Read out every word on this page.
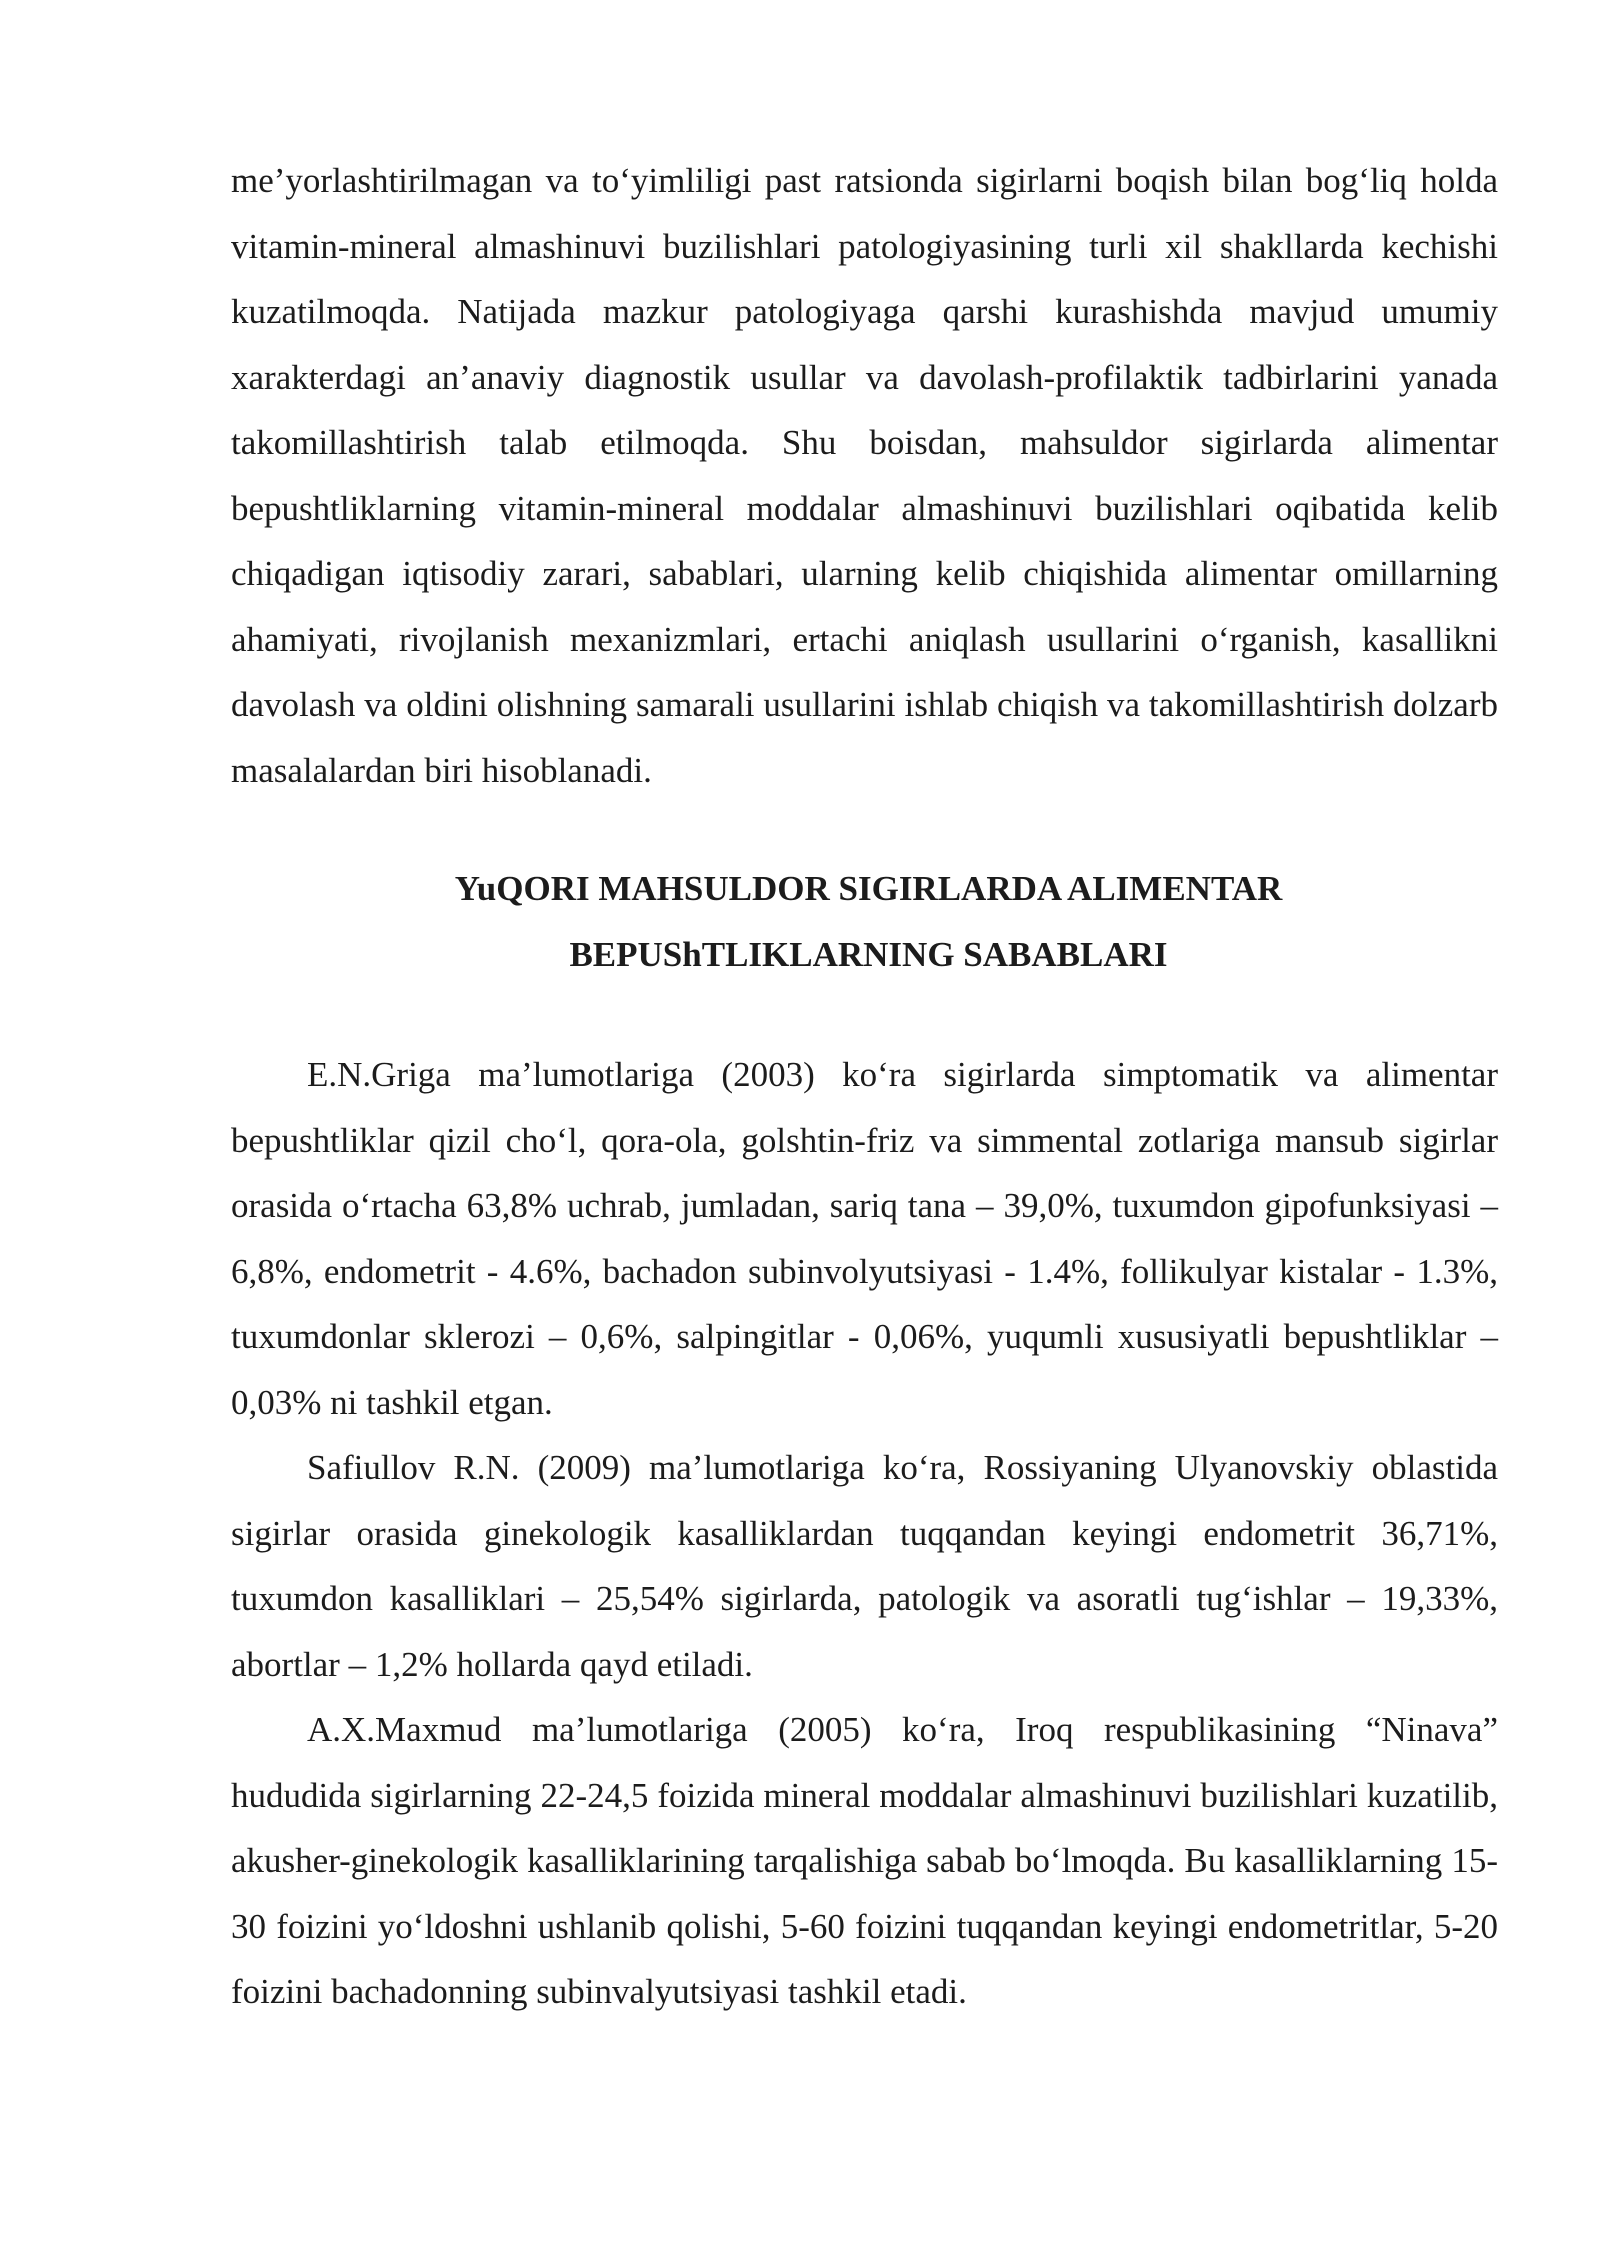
me’yorlashtirilmagan va to‘yimliligi past ratsionda sigirlarni boqish bilan bog‘liq holda vitamin-mineral almashinuvi buzilishlari patologiyasining turli xil shakllarda kechishi kuzatilmoqda. Natijada mazkur patologiyaga qarshi kurashishda mavjud umumiy xarakterdagi an’anaviy diagnostik usullar va davolash-profilaktik tadbirlarini yanada takomillashtirish talab etilmoqda. Shu boisdan, mahsuldor sigirlarda alimentar bepushtliklarning vitamin-mineral moddalar almashinuvi buzilishlari oqibatida kelib chiqadigan iqtisodiy zarari, sabablari, ularning kelib chiqishida alimentar omillarning ahamiyati, rivojlanish mexanizmlari, ertachi aniqlash usullarini o‘rganish, kasallikni davolash va oldini olishning samarali usullarini ishlab chiqish va takomillashtirish dolzarb masalalardan biri hisoblanadi.

YuQORI MAHSULDOR SIGIRLARDA ALIMENTAR
BEPUShTLIKLARNING SABABLARI

E.N.Griga ma’lumotlariga (2003) ko‘ra sigirlarda simptomatik va alimentar bepushtliklar qizil cho‘l, qora-ola, golshtin-friz va simmental zotlariga mansub sigirlar orasida o‘rtacha 63,8% uchrab, jumladan, sariq tana – 39,0%, tuxumdon gipofunksiyasi – 6,8%, endometrit - 4.6%, bachadon subinvolyutsiyasi - 1.4%, follikulyar kistalar - 1.3%, tuxumdonlar sklerozi – 0,6%, salpingitlar - 0,06%, yuqumli xususiyatli bepushtliklar – 0,03% ni tashkil etgan.

Safiullov R.N. (2009) ma’lumotlariga ko‘ra, Rossiyaning Ulyanovskiy oblastida sigirlar orasida ginekologik kasalliklardan tuqqandan keyingi endometrit 36,71%, tuxumdon kasalliklari – 25,54% sigirlarda, patologik va asoratli tug‘ishlar – 19,33%, abortlar – 1,2% hollarda qayd etiladi.

A.X.Maxmud ma’lumotlariga (2005) ko‘ra, Iroq respublikasining “Ninava” hududida sigirlarning 22-24,5 foizida mineral moddalar almashinuvi buzilishlari kuzatilib, akusher-ginekologik kasalliklarining tarqalishiga sabab bo‘lmoqda. Bu kasalliklarning 15-30 foizini yo‘ldoshni ushlanib qolishi, 5-60 foizini tuqqandan keyingi endometritlar, 5-20 foizini bachadonning subinvalyutsiyasi tashkil etadi.
